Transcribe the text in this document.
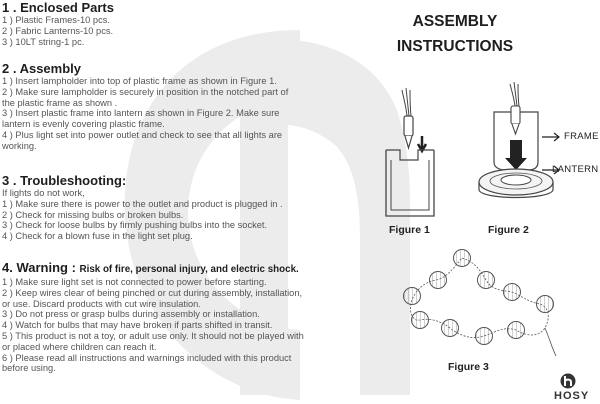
1 . Enclosed Parts
1 ) Plastic Frames-10 pcs.
2 ) Fabric Lanterns-10 pcs.
3 ) 10LT string-1 pc.
2 . Assembly
1 ) Insert lampholder into top of plastic frame as shown in Figure 1.
2 ) Make sure lampholder is securely in position in the notched part of
the plastic frame as shown .
3 ) Insert plastic frame into lantern as shown in Figure 2. Make sure
lantern is evenly covering plastic frame.
4 ) Plus light set into power outlet and check to see that all lights are
working.
3 . Troubleshooting:
If lights do not work,
1 ) Make sure there is power to the outlet and product is plugged in .
2 ) Check for missing bulbs or broken bulbs.
3 ) Check for loose bulbs by firmly pushing bulbs into the socket.
4 ) Check for a blown fuse in the light set plug.
4. Warning : Risk of fire, personal injury, and electric shock.
1 ) Make sure light set is not connected to power before starting.
2 ) Keep wires clear of being pinched or cut during assembly, installation,
or use. Discard products with cut wire insulation.
3 ) Do not press or grasp bulbs during assembly or installation.
4 ) Watch for bulbs that may have broken if parts shifted in transit.
5 ) This product is not a toy, or adult use only. It should not be played with
or placed where children can reach it.
6 ) Please read all instructions and warnings included with this product
before using.
ASSEMBLY
INSTRUCTIONS
FRAME
LANTERN
Figure 1	Figure 2
Figure 3
HOSY
